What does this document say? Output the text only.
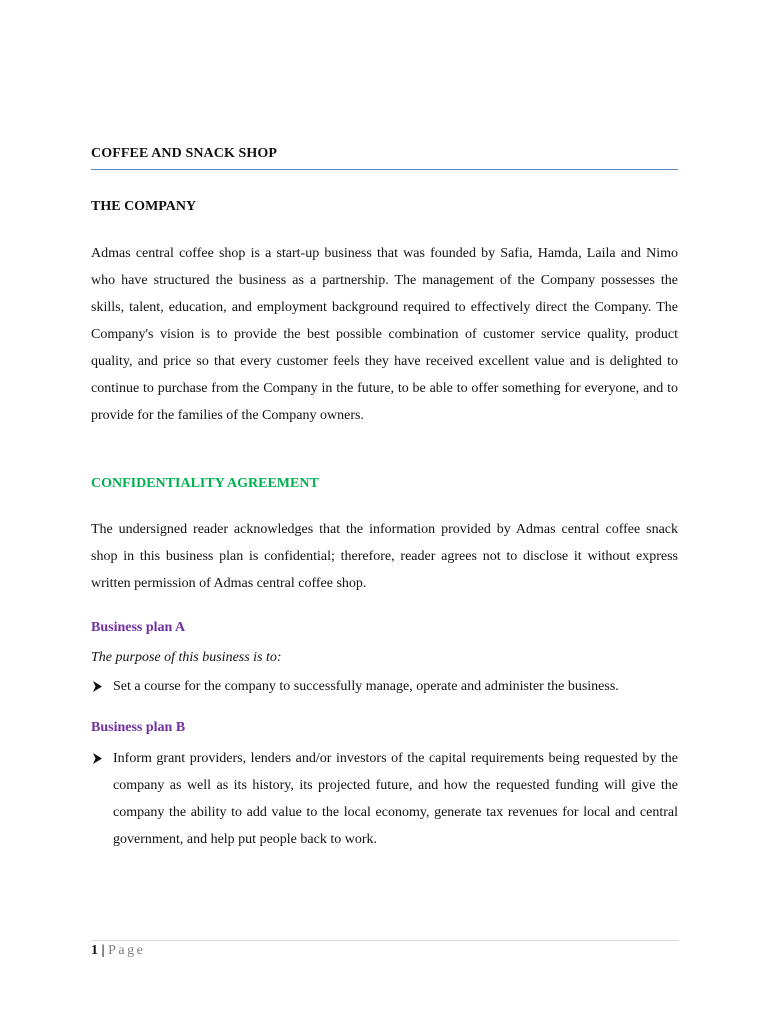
COFFEE AND SNACK SHOP
THE COMPANY

Admas central coffee shop is a start-up business that was founded by Safia, Hamda, Laila and Nimo who have structured the business as a partnership. The management of the Company possesses the skills, talent, education, and employment background required to effectively direct the Company. The Company's vision is to provide the best possible combination of customer service quality, product quality, and price so that every customer feels they have received excellent value and is delighted to continue to purchase from the Company in the future, to be able to offer something for everyone, and to provide for the families of the Company owners.

CONFIDENTIALITY AGREEMENT

The undersigned reader acknowledges that the information provided by Admas central coffee snack shop in this business plan is confidential; therefore, reader agrees not to disclose it without express written permission of Admas central coffee shop.

Business plan A
The purpose of this business is to:
Set a course for the company to successfully manage, operate and administer the business.
Business plan B
Inform grant providers, lenders and/or investors of the capital requirements being requested by the company as well as its history, its projected future, and how the requested funding will give the company the ability to add value to the local economy, generate tax revenues for local and central government, and help put people back to work.
1 | Page
